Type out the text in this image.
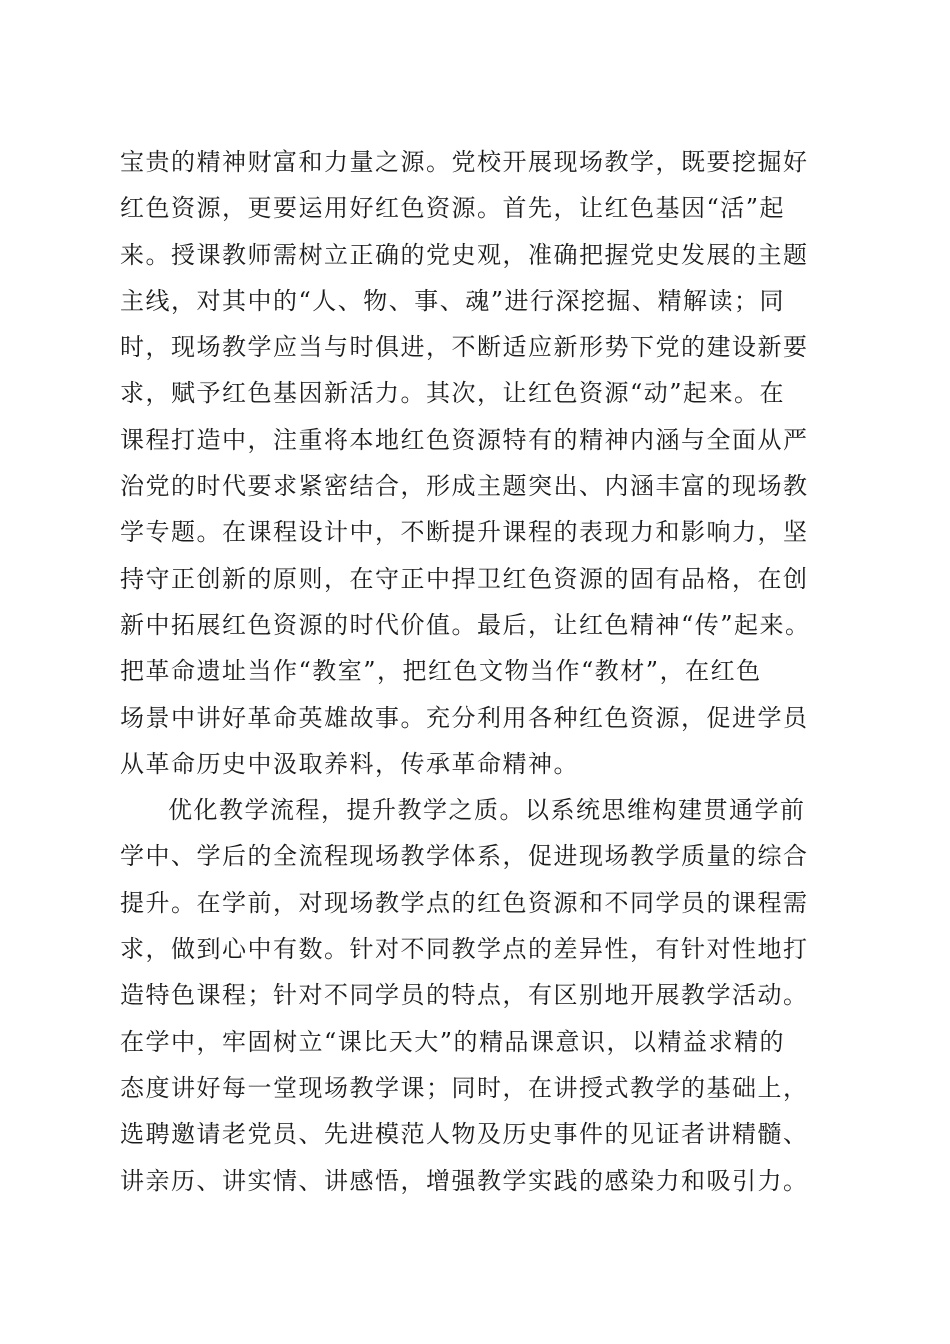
宝贵的精神财富和力量之源。党校开展现场教学，既要挖掘好
红色资源，更要运用好红色资源。首先，让红色基因“活”起
来。授课教师需树立正确的党史观，准确把握党史发展的主题
主线，对其中的“人、物、事、魂”进行深挖掘、精解读；同
时，现场教学应当与时俱进，不断适应新形势下党的建设新要
求，赋予红色基因新活力。其次，让红色资源“动”起来。在
课程打造中，注重将本地红色资源特有的精神内涵与全面从严
治党的时代要求紧密结合，形成主题突出、内涵丰富的现场教
学专题。在课程设计中，不断提升课程的表现力和影响力，坚
持守正创新的原则，在守正中捍卫红色资源的固有品格，在创
新中拓展红色资源的时代价值。最后，让红色精神“传”起来。
把革命遗址当作“教室”，把红色文物当作“教材”，在红色
场景中讲好革命英雄故事。充分利用各种红色资源，促进学员
从革命历史中汲取养料，传承革命精神。
优化教学流程，提升教学之质。以系统思维构建贯通学前
学中、学后的全流程现场教学体系，促进现场教学质量的综合
提升。在学前，对现场教学点的红色资源和不同学员的课程需
求，做到心中有数。针对不同教学点的差异性，有针对性地打
造特色课程；针对不同学员的特点，有区别地开展教学活动。
在学中，牢固树立“课比天大”的精品课意识，以精益求精的
态度讲好每一堂现场教学课；同时，在讲授式教学的基础上，
选聘邀请老党员、先进模范人物及历史事件的见证者讲精髓、
讲亲历、讲实情、讲感悟，增强教学实践的感染力和吸引力。
